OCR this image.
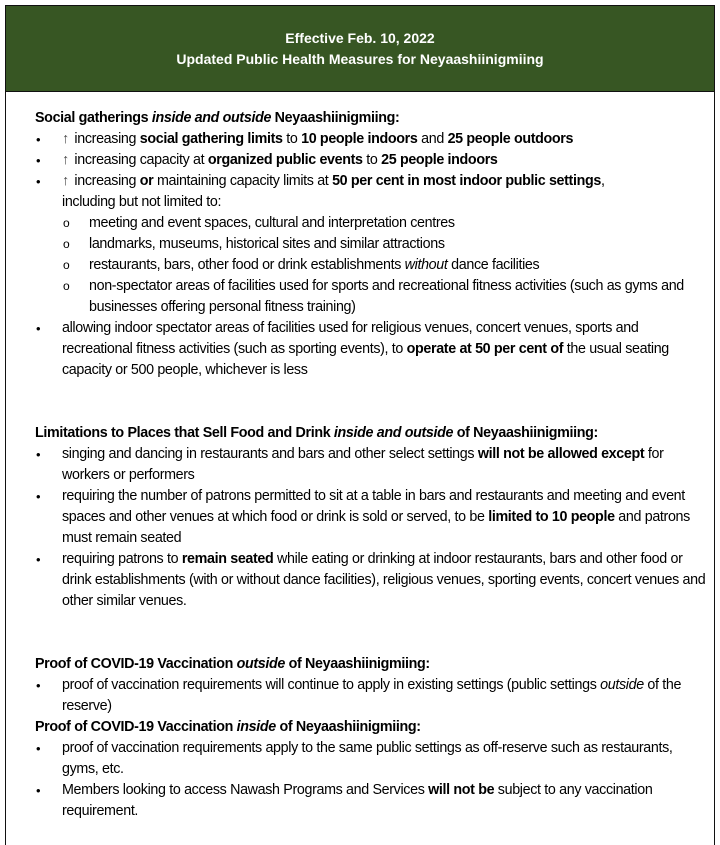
Effective Feb. 10, 2022
Updated Public Health Measures for Neyaashiinigmiing
Social gatherings inside and outside Neyaashiinigmiing:
• ↑ increasing social gathering limits to 10 people indoors and 25 people outdoors
• ↑ increasing capacity at organized public events to 25 people indoors
• ↑ increasing or maintaining capacity limits at 50 per cent in most indoor public settings,
including but not limited to:
o meeting and event spaces, cultural and interpretation centres
o landmarks, museums, historical sites and similar attractions
o restaurants, bars, other food or drink establishments without dance facilities
o non-spectator areas of facilities used for sports and recreational fitness activities (such as gyms and businesses offering personal fitness training)
• allowing indoor spectator areas of facilities used for religious venues, concert venues, sports and recreational fitness activities (such as sporting events), to operate at 50 per cent of the usual seating capacity or 500 people, whichever is less
Limitations to Places that Sell Food and Drink inside and outside of Neyaashiinigmiing:
• singing and dancing in restaurants and bars and other select settings will not be allowed except for workers or performers
• requiring the number of patrons permitted to sit at a table in bars and restaurants and meeting and event spaces and other venues at which food or drink is sold or served, to be limited to 10 people and patrons must remain seated
• requiring patrons to remain seated while eating or drinking at indoor restaurants, bars and other food or drink establishments (with or without dance facilities), religious venues, sporting events, concert venues and other similar venues.
Proof of COVID-19 Vaccination outside of Neyaashiinigmiing:
• proof of vaccination requirements will continue to apply in existing settings (public settings outside of the reserve)
Proof of COVID-19 Vaccination inside of Neyaashiinigmiing:
• proof of vaccination requirements apply to the same public settings as off-reserve such as restaurants, gyms, etc.
• Members looking to access Nawash Programs and Services will not be subject to any vaccination requirement.
